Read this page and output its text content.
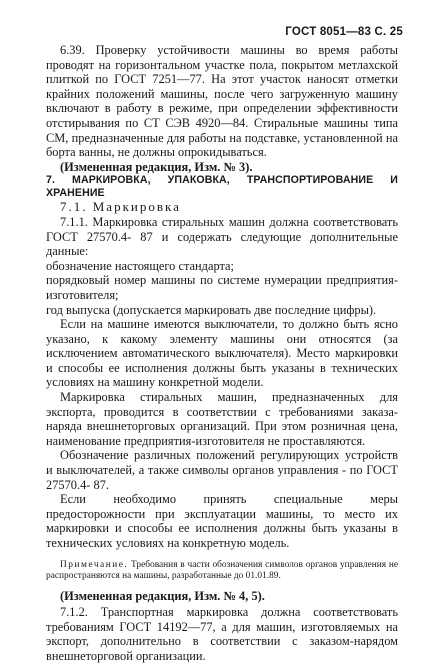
ГОСТ 8051—83 С. 25

6.39. Проверку устойчивости машины во время работы проводят на горизонтальном участке пола, покрытом метлахской плиткой по ГОСТ 7251—77. На этот участок наносят отметки крайних положений машины, после чего загруженную машину включают в работу в режиме, при определении эффективности отстирывания по СТ СЭВ 4920—84. Стиральные машины типа СМ, предназначенные для работы на подставке, установленной на борта ванны, не должны опрокидываться.

(Измененная редакция, Изм. № 3).

7. МАРКИРОВКА, УПАКОВКА, ТРАНСПОРТИРОВАНИЕ И ХРАНЕНИЕ

7.1. Маркировка

7.1.1. Маркировка стиральных машин должна соответствовать ГОСТ 27570.4- 87 и содержать следующие дополнительные данные:

обозначение настоящего стандарта;

порядковый номер машины по системе нумерации предприятия-изготовителя;

год выпуска (допускается маркировать две последние цифры).

Если на машине имеются выключатели, то должно быть ясно указано, к какому элементу машины они относятся (за исключением автоматического выключателя). Место маркировки и способы ее исполнения должны быть указаны в технических условиях на машину конкретной модели.

Маркировка стиральных машин, предназначенных для экспорта, проводится в соответствии с требованиями заказа-наряда внешнеторговых организаций. При этом розничная цена, наименование предприятия-изготовителя не проставляются.

Обозначение различных положений регулирующих устройств и выключателей, а также символы органов управления - по ГОСТ 27570.4- 87.

Если необходимо принять специальные меры предосторожности при эксплуатации машины, то место их маркировки и способы ее исполнения должны быть указаны в технических условиях на конкретную модель.

Примечание. Требования в части обозначения символов органов управления не распространяются на машины, разработанные до 01.01.89.

(Измененная редакция, Изм. № 4, 5).

7.1.2. Транспортная маркировка должна соответствовать требованиям ГОСТ 14192—77, а для машин, изготовляемых на экспорт, дополнительно в соответствии с заказом-нарядом внешнеторговой организации.
